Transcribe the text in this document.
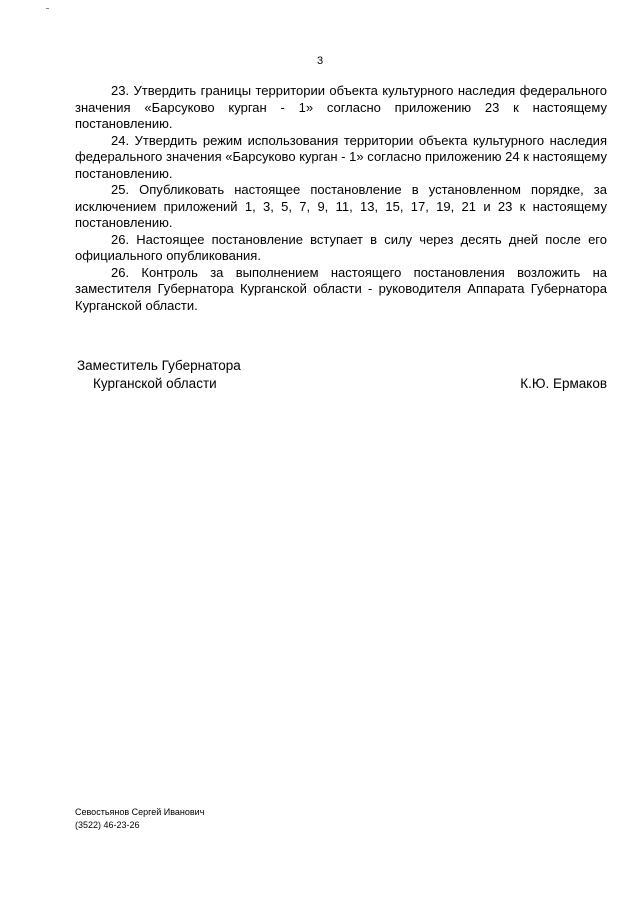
3

23. Утвердить границы территории объекта культурного наследия федерального значения «Барсуково курган - 1» согласно приложению 23 к настоящему постановлению.

24. Утвердить режим использования территории объекта культурного наследия федерального значения «Барсуково курган - 1» согласно приложению 24 к настоящему постановлению.

25. Опубликовать настоящее постановление в установленном порядке, за исключением приложений 1, 3, 5, 7, 9, 11, 13, 15, 17, 19, 21 и 23 к настоящему постановлению.

26. Настоящее постановление вступает в силу через десять дней после его официального опубликования.

26. Контроль за выполнением настоящего постановления возложить на заместителя Губернатора Курганской области - руководителя Аппарата Губернатора Курганской области.

Заместитель Губернатора
Курганской области	К.Ю. Ермаков
Севостьянов Сергей Иванович
(3522) 46-23-26
